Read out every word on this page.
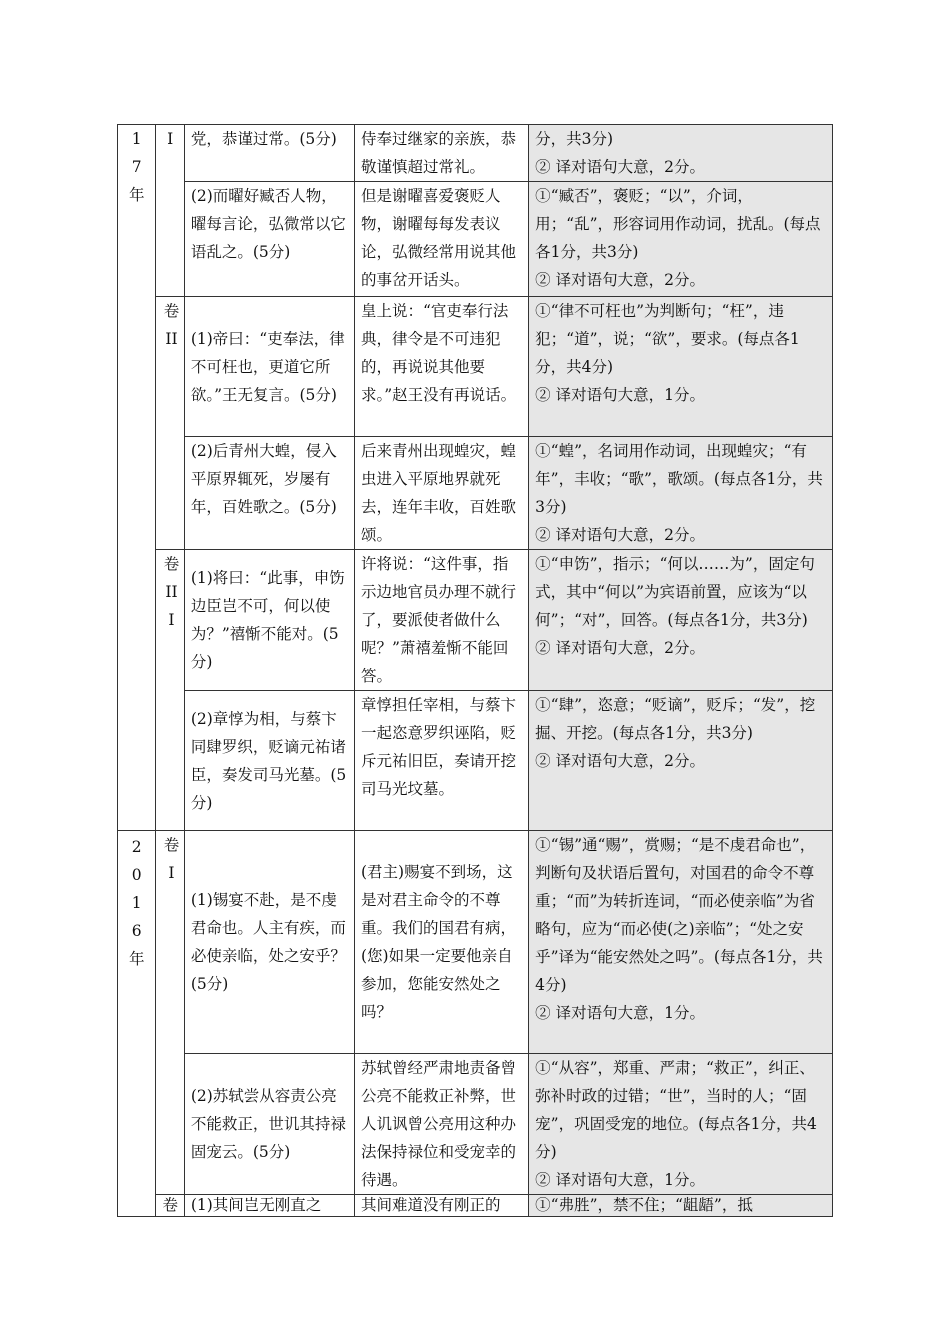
17年	I	党，恭谨过常。(5分)	侍奉过继家的亲族，恭敬谨慎超过常礼。	分，共3分)
② 译对语句大意，2分。

		(2)而曜好臧否人物，曜每言论，弘微常以它语乱之。(5分)	但是谢曜喜爱褒贬人物，谢曜每每发表议论，弘微经常用说其他的事岔开话头。	①“臧否”，褒贬；“以”，介词，用；“乱”，形容词用作动词，扰乱。(每点各1分，共3分)
② 译对语句大意，2分。

	卷II	(1)帝曰：“吏奉法，律不可枉也，更道它所欲。”王无复言。(5分)	皇上说：“官吏奉行法典，律令是不可违犯的，再说说其他要求。”赵王没有再说话。	①“律不可枉也”为判断句；“枉”，违犯；“道”，说；“欲”，要求。(每点各1分，共4分)
② 译对语句大意，1分。

		(2)后青州大蝗，侵入平原界辄死，岁屡有年，百姓歌之。(5分)	后来青州出现蝗灾，蝗虫进入平原地界就死去，连年丰收，百姓歌颂。	①“蝗”，名词用作动词，出现蝗灾；“有年”，丰收；“歌”，歌颂。(每点各1分，共3分)
② 译对语句大意，2分。

	卷III	(1)将曰：“此事，申饬边臣岂不可，何以使为？”禧惭不能对。(5分)	许将说：“这件事，指示边地官员办理不就行了，要派使者做什么呢？”萧禧羞惭不能回答。	①“申饬”，指示；“何以……为”，固定句式，其中“何以”为宾语前置，应该为“以何”；“对”，回答。(每点各1分，共3分)
② 译对语句大意，2分。

		(2)章惇为相，与蔡卞同肆罗织，贬谪元祐诸臣，奏发司马光墓。(5分)	章惇担任宰相，与蔡卞一起恣意罗织诬陷，贬斥元祐旧臣，奏请开挖司马光坟墓。	①“肆”，恣意；“贬谪”，贬斥；“发”，挖掘、开挖。(每点各1分，共3分)
② 译对语句大意，2分。

2016年	卷I	(1)锡宴不赴，是不虔君命也。人主有疾，而必使亲临，处之安乎？(5分)	(君主)赐宴不到场，这是对君主命令的不尊重。我们的国君有病，(您)如果一定要他亲自参加，您能安然处之吗？	①“锡”通“赐”，赏赐；“是不虔君命也”，判断句及状语后置句，对国君的命令不尊重；“而”为转折连词，“而必使亲临”为省略句，应为“而必使(之)亲临”；“处之安乎”译为“能安然处之吗”。(每点各1分，共4分)
② 译对语句大意，1分。

		(2)苏轼尝从容责公亮不能救正，世讥其持禄固宠云。(5分)	苏轼曾经严肃地责备曾公亮不能救正补弊，世人讥讽曾公亮用这种办法保持禄位和受宠幸的待遇。	①“从容”，郑重、严肃；“救正”，纠正、弥补时政的过错；“世”，当时的人；“固宠”，巩固受宠的地位。(每点各1分，共4分)
② 译对语句大意，1分。

	卷	(1)其间岂无刚直之	其间难道没有刚正的	①“弗胜”，禁不住；“龃龉”，抵
